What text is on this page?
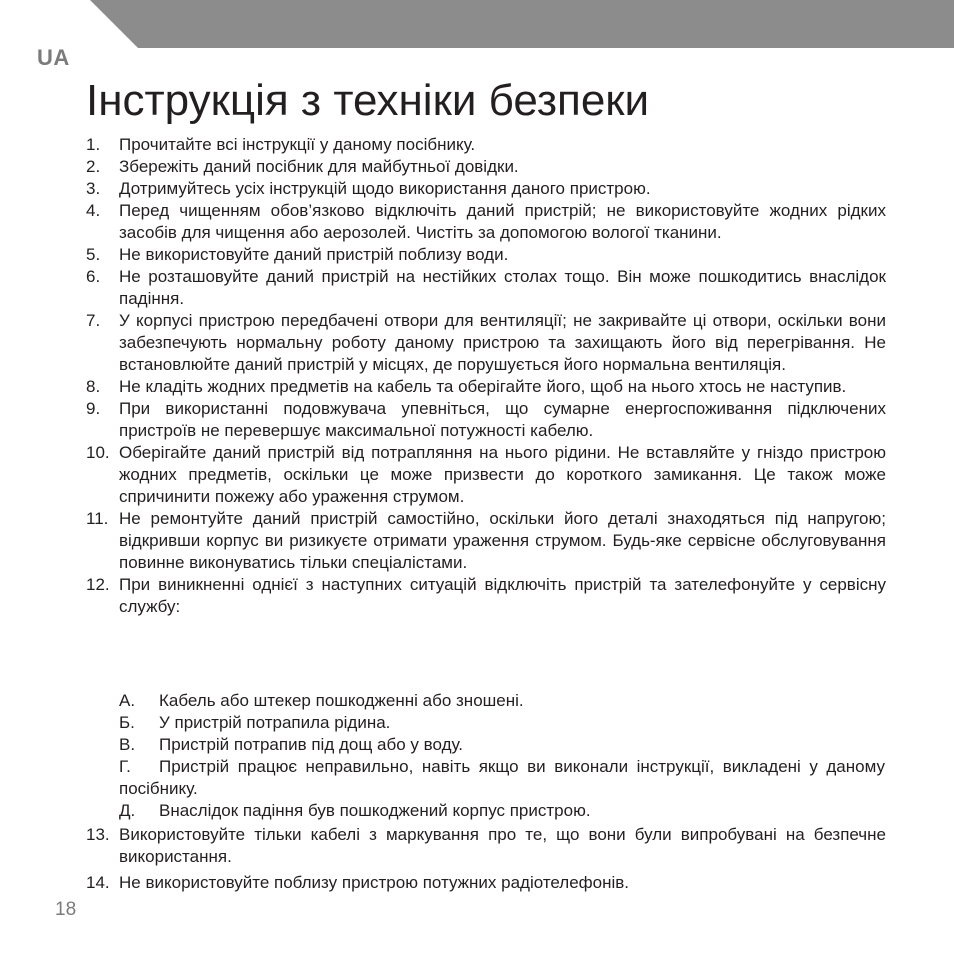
UA
Інструкція з техніки безпеки
1. Прочитайте всі інструкції у даному посібнику.
2. Збережіть даний посібник для майбутньої довідки.
3. Дотримуйтесь усіх інструкцій щодо використання даного пристрою.
4. Перед чищенням обов’язково відключіть даний пристрій; не використовуйте жодних рідких засобів для чищення або аерозолей. Чистіть за допомогою вологої тканини.
5. Не використовуйте даний пристрій поблизу води.
6. Не розташовуйте даний пристрій на нестійких столах тощо. Він може пошкодитись внаслідок падіння.
7. У корпусі пристрою передбачені отвори для вентиляції; не закривайте ці отвори, оскільки вони забезпечують нормальну роботу даному пристрою та захищають його від перегрівання. Не встановлюйте даний пристрій у місцях, де порушується його нормальна вентиляція.
8. Не кладіть жодних предметів на кабель та оберігайте його, щоб на нього хтось не наступив.
9. При використанні подовжувача упевніться, що сумарне енергоспоживання підключених пристроїв не перевершує максимальної потужності кабелю.
10. Оберігайте даний пристрій від потрапляння на нього рідини. Не вставляйте у гніздо пристрою жодних предметів, оскільки це може призвести до короткого замикання. Це також може спричинити пожежу або ураження струмом.
11. Не ремонтуйте даний пристрій самостійно, оскільки його деталі знаходяться під напругою; відкривши корпус ви ризикуєте отримати ураження струмом. Будь-яке сервісне обслуговування повинне виконуватись тільки спеціалістами.
12. При виникненні однієї з наступних ситуацій відключіть пристрій та зателефонуйте у сервісну службу:
А. Кабель або штекер пошкодженні або зношені.
Б. У пристрій потрапила рідина.
В. Пристрій потрапив під дощ або у воду.
Г. Пристрій працює неправильно, навіть якщо ви виконали інструкції, викладені у даному посібнику.
Д. Внаслідок падіння був пошкоджений корпус пристрою.
13. Використовуйте тільки кабелі з маркування про те, що вони були випробувані на безпечне використання.
14. Не використовуйте поблизу пристрою потужних радіотелефонів.
18
